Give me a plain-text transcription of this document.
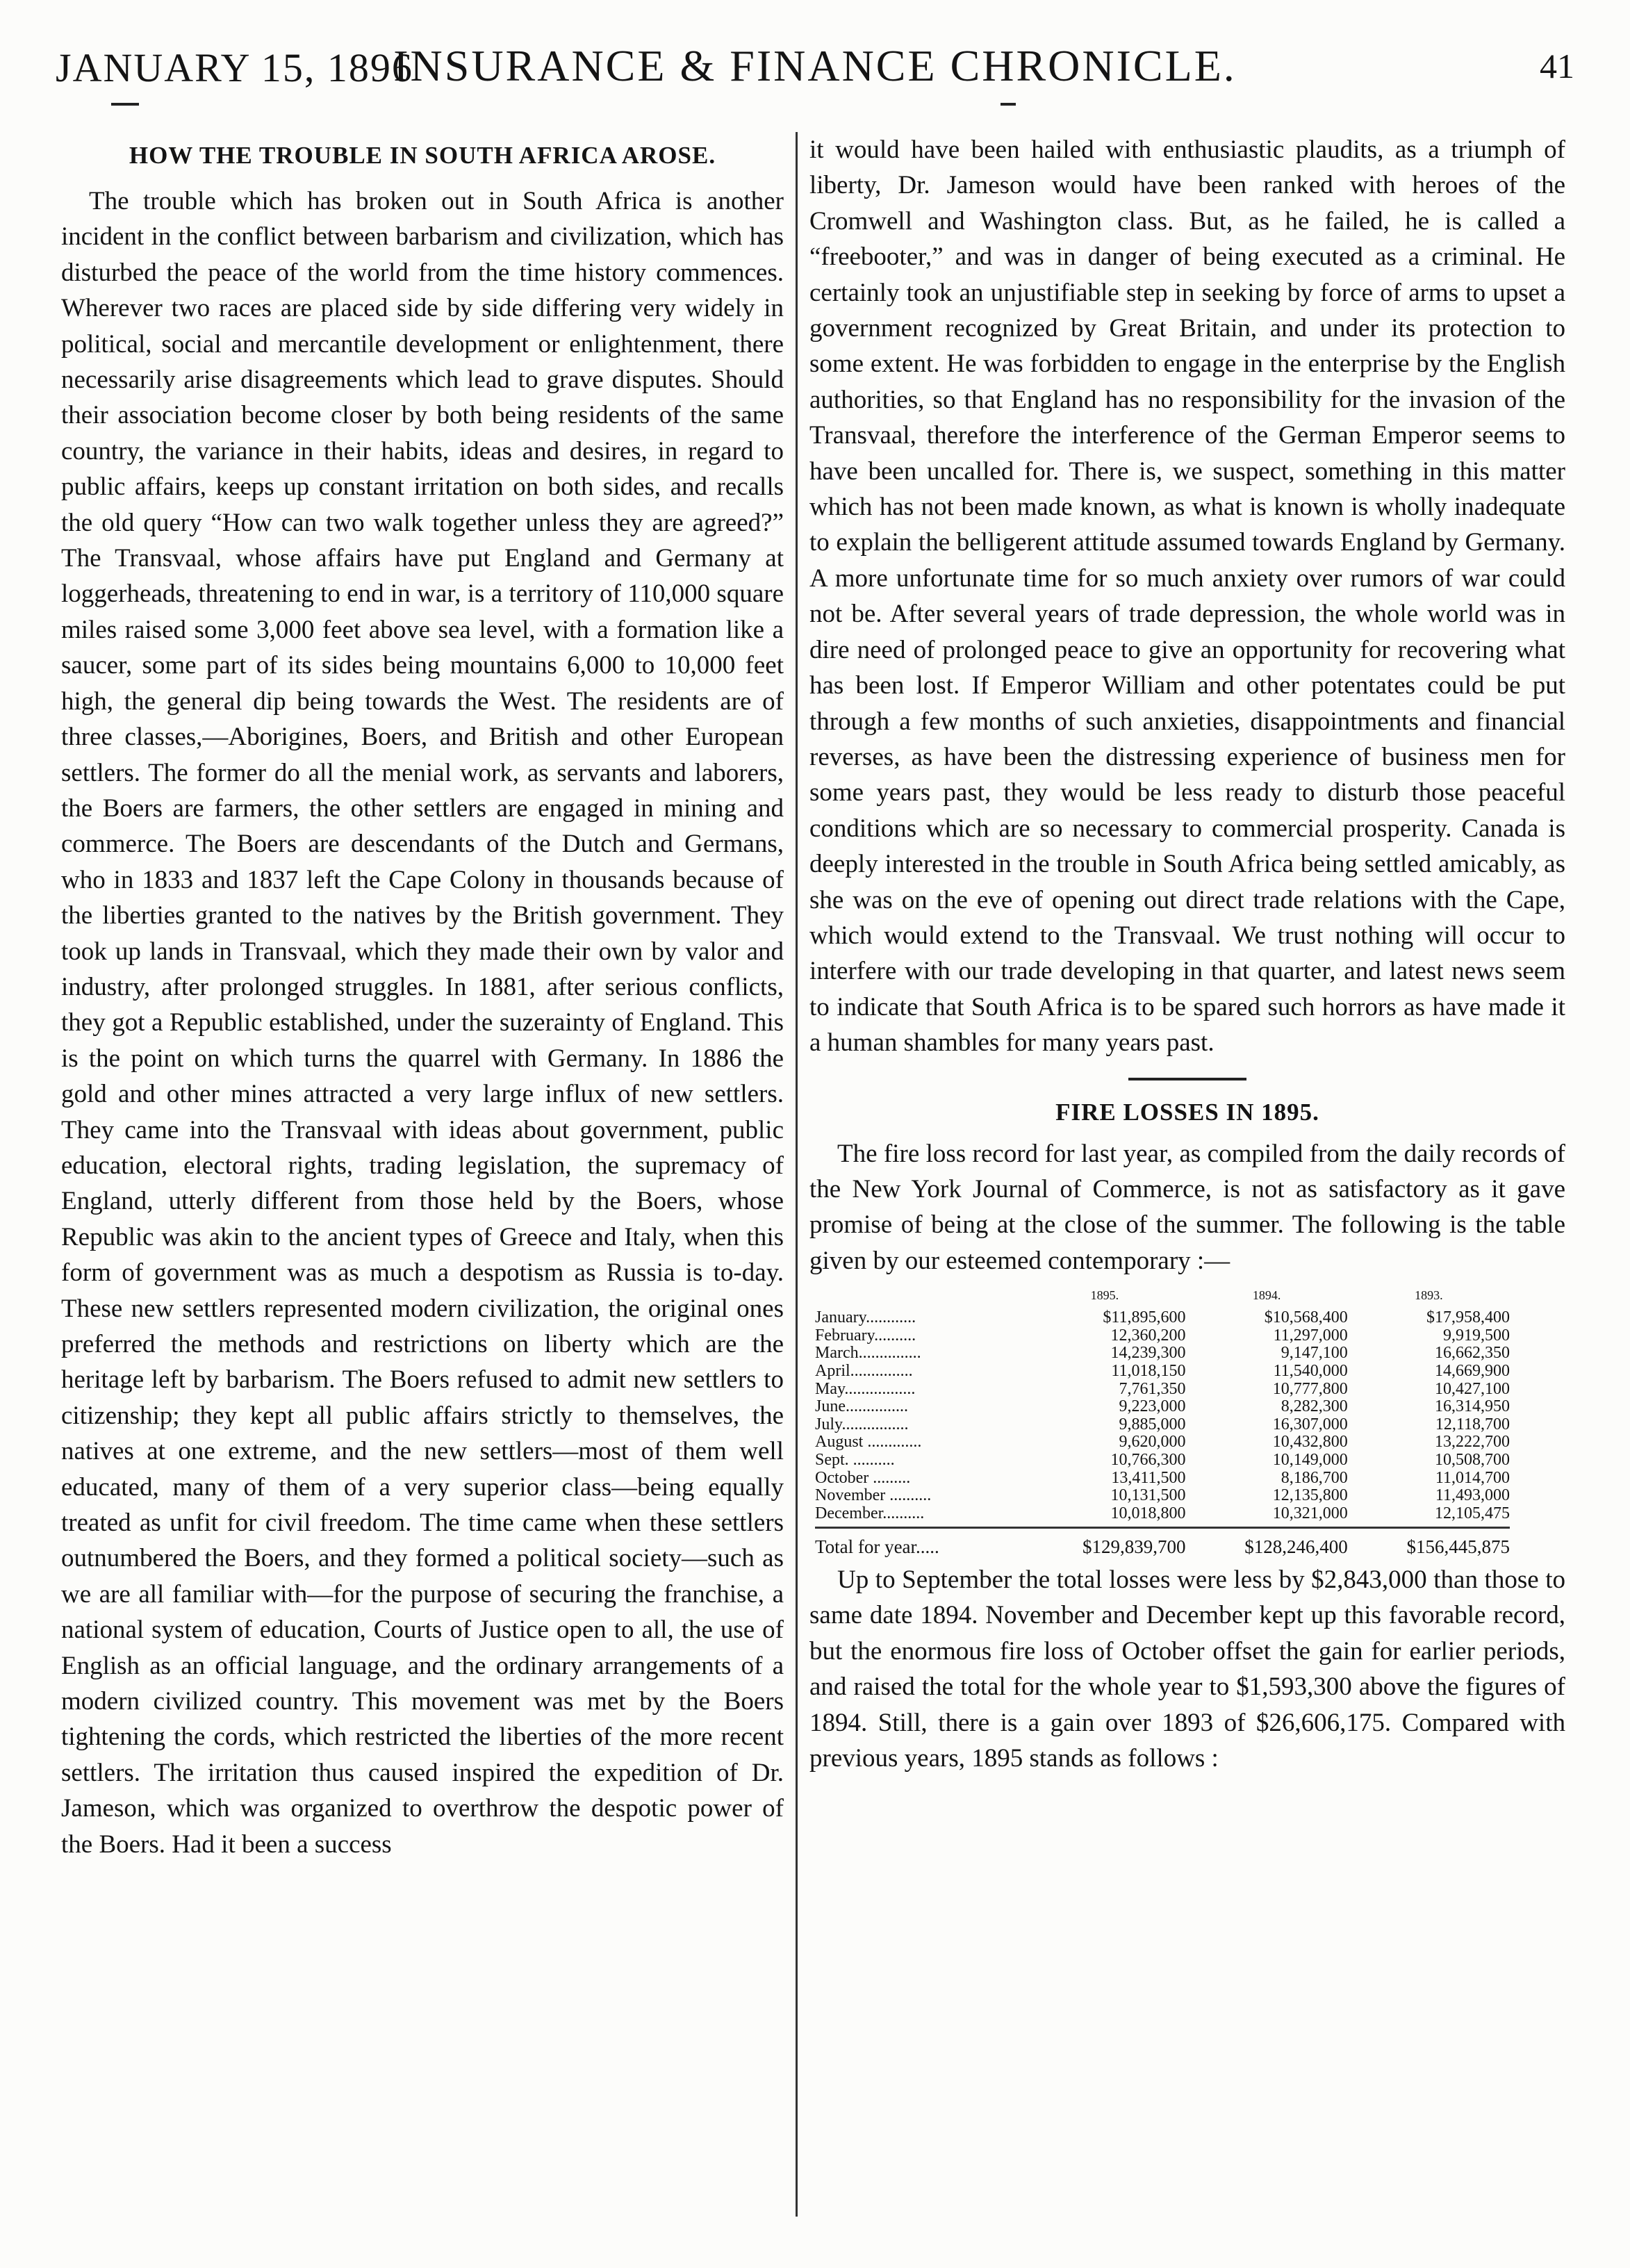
JANUARY 15, 1896
INSURANCE & FINANCE CHRONICLE.	41
HOW THE TROUBLE IN SOUTH AFRICA AROSE.

The trouble which has broken out in South Africa is another incident in the conflict between barbarism and civilization, which has disturbed the peace of the world from the time history commences. Wherever two races are placed side by side differing very widely in political, social and mercantile development or enlightenment, there necessarily arise disagreements which lead to grave disputes. Should their association become closer by both being residents of the same country, the variance in their habits, ideas and desires, in regard to public affairs, keeps up constant irritation on both sides, and recalls the old query “How can two walk together unless they are agreed?” The Transvaal, whose affairs have put England and Germany at loggerheads, threatening to end in war, is a territory of 110,000 square miles raised some 3,000 feet above sea level, with a formation like a saucer, some part of its sides being mountains 6,000 to 10,000 feet high, the general dip being towards the West. The residents are of three classes,—Aborigines, Boers, and British and other European settlers. The former do all the menial work, as servants and laborers, the Boers are farmers, the other settlers are engaged in mining and commerce. The Boers are descendants of the Dutch and Germans, who in 1833 and 1837 left the Cape Colony in thousands because of the liberties granted to the natives by the British government. They took up lands in Transvaal, which they made their own by valor and industry, after prolonged struggles. In 1881, after serious conflicts, they got a Republic established, under the suzerainty of England. This is the point on which turns the quarrel with Germany. In 1886 the gold and other mines attracted a very large influx of new settlers. They came into the Transvaal with ideas about government, public education, electoral rights, trading legislation, the supremacy of England, utterly different from those held by the Boers, whose Republic was akin to the ancient types of Greece and Italy, when this form of government was as much a despotism as Russia is to-day. These new settlers represented modern civilization, the original ones preferred the methods and restrictions on liberty which are the heritage left by barbarism. The Boers refused to admit new settlers to citizenship; they kept all public affairs strictly to themselves, the natives at one extreme, and the new settlers—most of them well educated, many of them of a very superior class—being equally treated as unfit for civil freedom. The time came when these settlers outnumbered the Boers, and they formed a political society—such as we are all familiar with—for the purpose of securing the franchise, a national system of education, Courts of Justice open to all, the use of English as an official language, and the ordinary arrangements of a modern civilized country. This movement was met by the Boers tightening the cords, which restricted the liberties of the more recent settlers. The irritation thus caused inspired the expedition of Dr. Jameson, which was organized to overthrow the despotic power of the Boers. Had it been a success

it would have been hailed with enthusiastic plaudits, as a triumph of liberty, Dr. Jameson would have been ranked with heroes of the Cromwell and Washington class. But, as he failed, he is called a “freebooter,” and was in danger of being executed as a criminal. He certainly took an unjustifiable step in seeking by force of arms to upset a government recognized by Great Britain, and under its protection to some extent. He was forbidden to engage in the enterprise by the English authorities, so that England has no responsibility for the invasion of the Transvaal, therefore the interference of the German Emperor seems to have been uncalled for. There is, we suspect, something in this matter which has not been made known, as what is known is wholly inadequate to explain the belligerent attitude assumed towards England by Germany. A more unfortunate time for so much anxiety over rumors of war could not be. After several years of trade depression, the whole world was in dire need of prolonged peace to give an opportunity for recovering what has been lost. If Emperor William and other potentates could be put through a few months of such anxieties, disappointments and financial reverses, as have been the distressing experience of business men for some years past, they would be less ready to disturb those peaceful conditions which are so necessary to commercial prosperity. Canada is deeply interested in the trouble in South Africa being settled amicably, as she was on the eve of opening out direct trade relations with the Cape, which would extend to the Transvaal. We trust nothing will occur to interfere with our trade developing in that quarter, and latest news seem to indicate that South Africa is to be spared such horrors as have made it a human shambles for many years past.

FIRE LOSSES IN 1895.

The fire loss record for last year, as compiled from the daily records of the New York Journal of Commerce, is not as satisfactory as it gave promise of being at the close of the summer. The following is the table given by our esteemed contemporary :—

	1895.	1894.	1893.
January............	$11,895,600	$10,568,400	$17,958,400
February..........	12,360,200	11,297,000	9,919,500
March...............	14,239,300	9,147,100	16,662,350
April...............	11,018,150	11,540,000	14,669,900
May.................	7,761,350	10,777,800	10,427,100
June...............	9,223,000	8,282,300	16,314,950
July................	9,885,000	16,307,000	12,118,700
August .............	9,620,000	10,432,800	13,222,700
Sept. ..........	10,766,300	10,149,000	10,508,700
October .........	13,411,500	8,186,700	11,014,700
November ..........	10,131,500	12,135,800	11,493,000
December..........	10,018,800	10,321,000	12,105,475
Total for year.....	$129,839,700	$128,246,400	$156,445,875

Up to September the total losses were less by $2,843,000 than those to same date 1894. November and December kept up this favorable record, but the enormous fire loss of October offset the gain for earlier periods, and raised the total for the whole year to $1,593,300 above the figures of 1894. Still, there is a gain over 1893 of $26,606,175. Compared with previous years, 1895 stands as follows :
